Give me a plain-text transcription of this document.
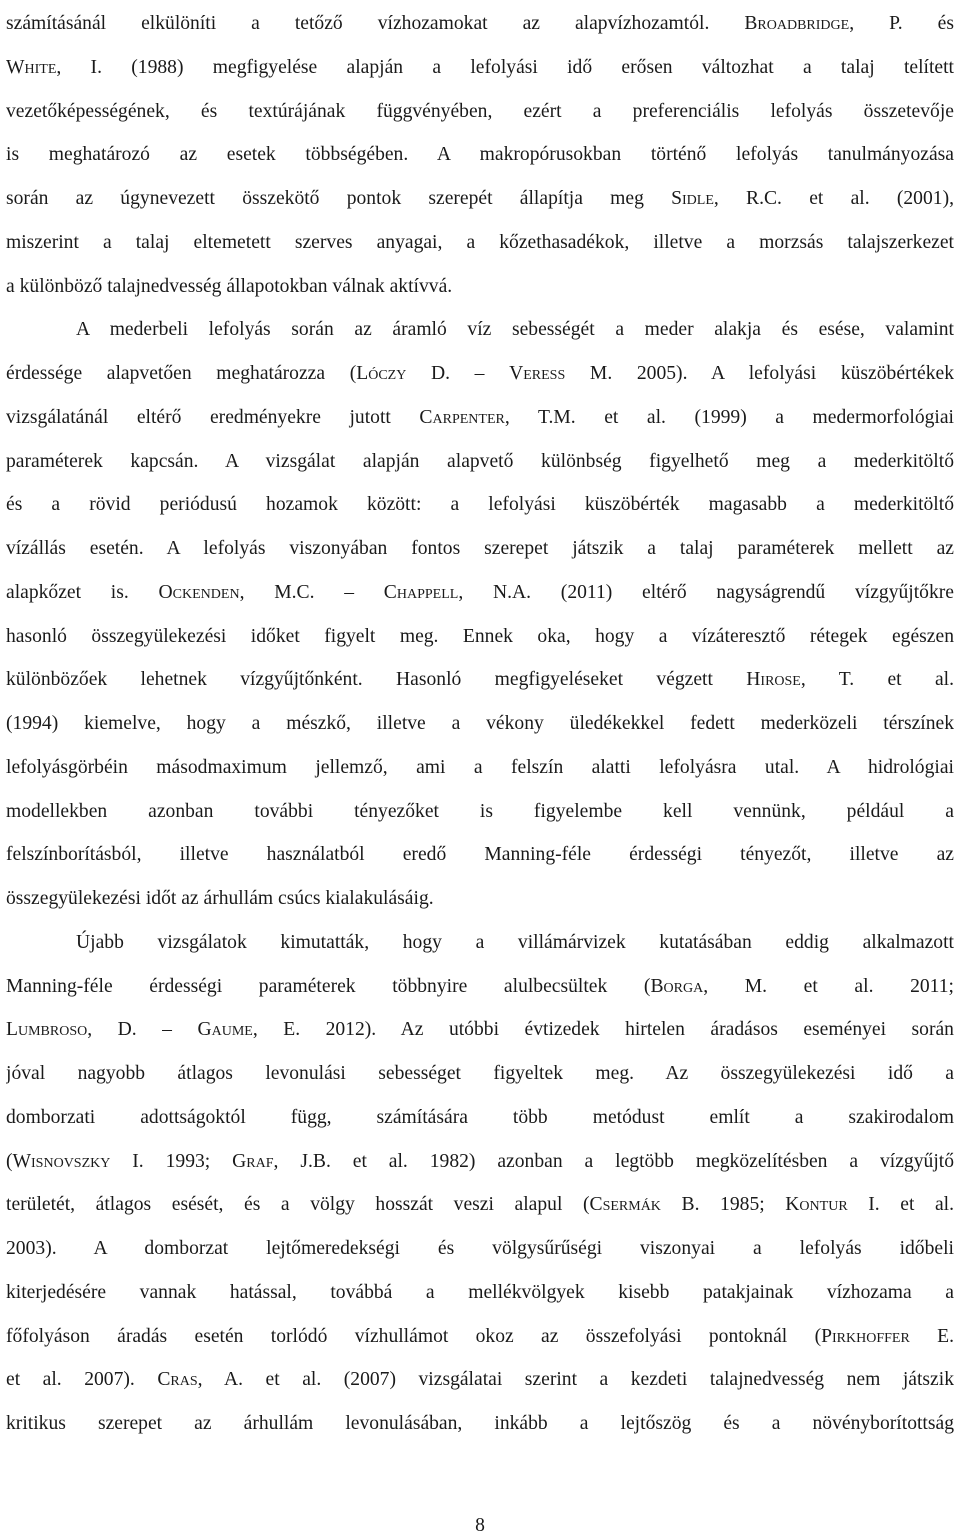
számításánál elkülöníti a tetőző vízhozamokat az alapvízhozamtól. Broadbridge, P. és
White, I. (1988) megfigyelése alapján a lefolyási idő erősen változhat a talaj telített
vezetőképességének, és textúrájának függvényében, ezért a preferenciális lefolyás összetevője
is meghatározó az esetek többségében. A makropórusokban történő lefolyás tanulmányozása
során az úgynevezett összekötő pontok szerepét állapítja meg Sidle, R.C. et al. (2001),
miszerint a talaj eltemetett szerves anyagai, a kőzethasadékok, illetve a morzsás talajszerkezet
a különböző talajnedvesség állapotokban válnak aktívvá.
A mederbeli lefolyás során az áramló víz sebességét a meder alakja és esése, valamint
érdessége alapvetően meghatározza (Lóczy D. – Veress M. 2005). A lefolyási küszöbértékek
vizsgálatánál eltérő eredményekre jutott Carpenter, T.M. et al. (1999) a medermorfológiai
paraméterek kapcsán. A vizsgálat alapján alapvető különbség figyelhető meg a mederkitöltő
és a rövid periódusú hozamok között: a lefolyási küszöbérték magasabb a mederkitöltő
vízállás esetén. A lefolyás viszonyában fontos szerepet játszik a talaj paraméterek mellett az
alapkőzet is. Ockenden, M.C. – Chappell, N.A. (2011) eltérő nagyságrendű vízgyűjtőkre
hasonló összegyülekezési időket figyelt meg. Ennek oka, hogy a vízáteresztő rétegek egészen
különbözőek lehetnek vízgyűjtőnként. Hasonló megfigyeléseket végzett Hirose, T. et al.
(1994) kiemelve, hogy a mészkő, illetve a vékony üledékekkel fedett mederközeli térszínek
lefolyásgörbéin másodmaximum jellemző, ami a felszín alatti lefolyásra utal. A hidrológiai
modellekben azonban további tényezőket is figyelembe kell vennünk, például a
felszínborításból, illetve használatból eredő Manning-féle érdességi tényezőt, illetve az
összegyülekezési időt az árhullám csúcs kialakulásáig.
Újabb vizsgálatok kimutatták, hogy a villámárvizek kutatásában eddig alkalmazott
Manning-féle érdességi paraméterek többnyire alulbecsültek (Borga, M. et al. 2011;
Lumbroso, D. – Gaume, E. 2012). Az utóbbi évtizedek hirtelen áradásos eseményei során
jóval nagyobb átlagos levonulási sebességet figyeltek meg. Az összegyülekezési idő a
domborzati adottságoktól függ, számítására több metódust említ a szakirodalom
(Wisnovszky I. 1993; Graf, J.B. et al. 1982) azonban a legtöbb megközelítésben a vízgyűjtő
területét, átlagos esését, és a völgy hosszát veszi alapul (Csermák B. 1985; Kontur I. et al.
2003). A domborzat lejtőmeredekségi és völgysűrűségi viszonyai a lefolyás időbeli
kiterjedésére vannak hatással, továbbá a mellékvölgyek kisebb patakjainak vízhozama a
főfolyáson áradás esetén torlódó vízhullámot okoz az összefolyási pontoknál (Pirkhoffer E.
et al. 2007). Cras, A. et al. (2007) vizsgálatai szerint a kezdeti talajnedvesség nem játszik
kritikus szerepet az árhullám levonulásában, inkább a lejtőszög és a növényborítottság
8
